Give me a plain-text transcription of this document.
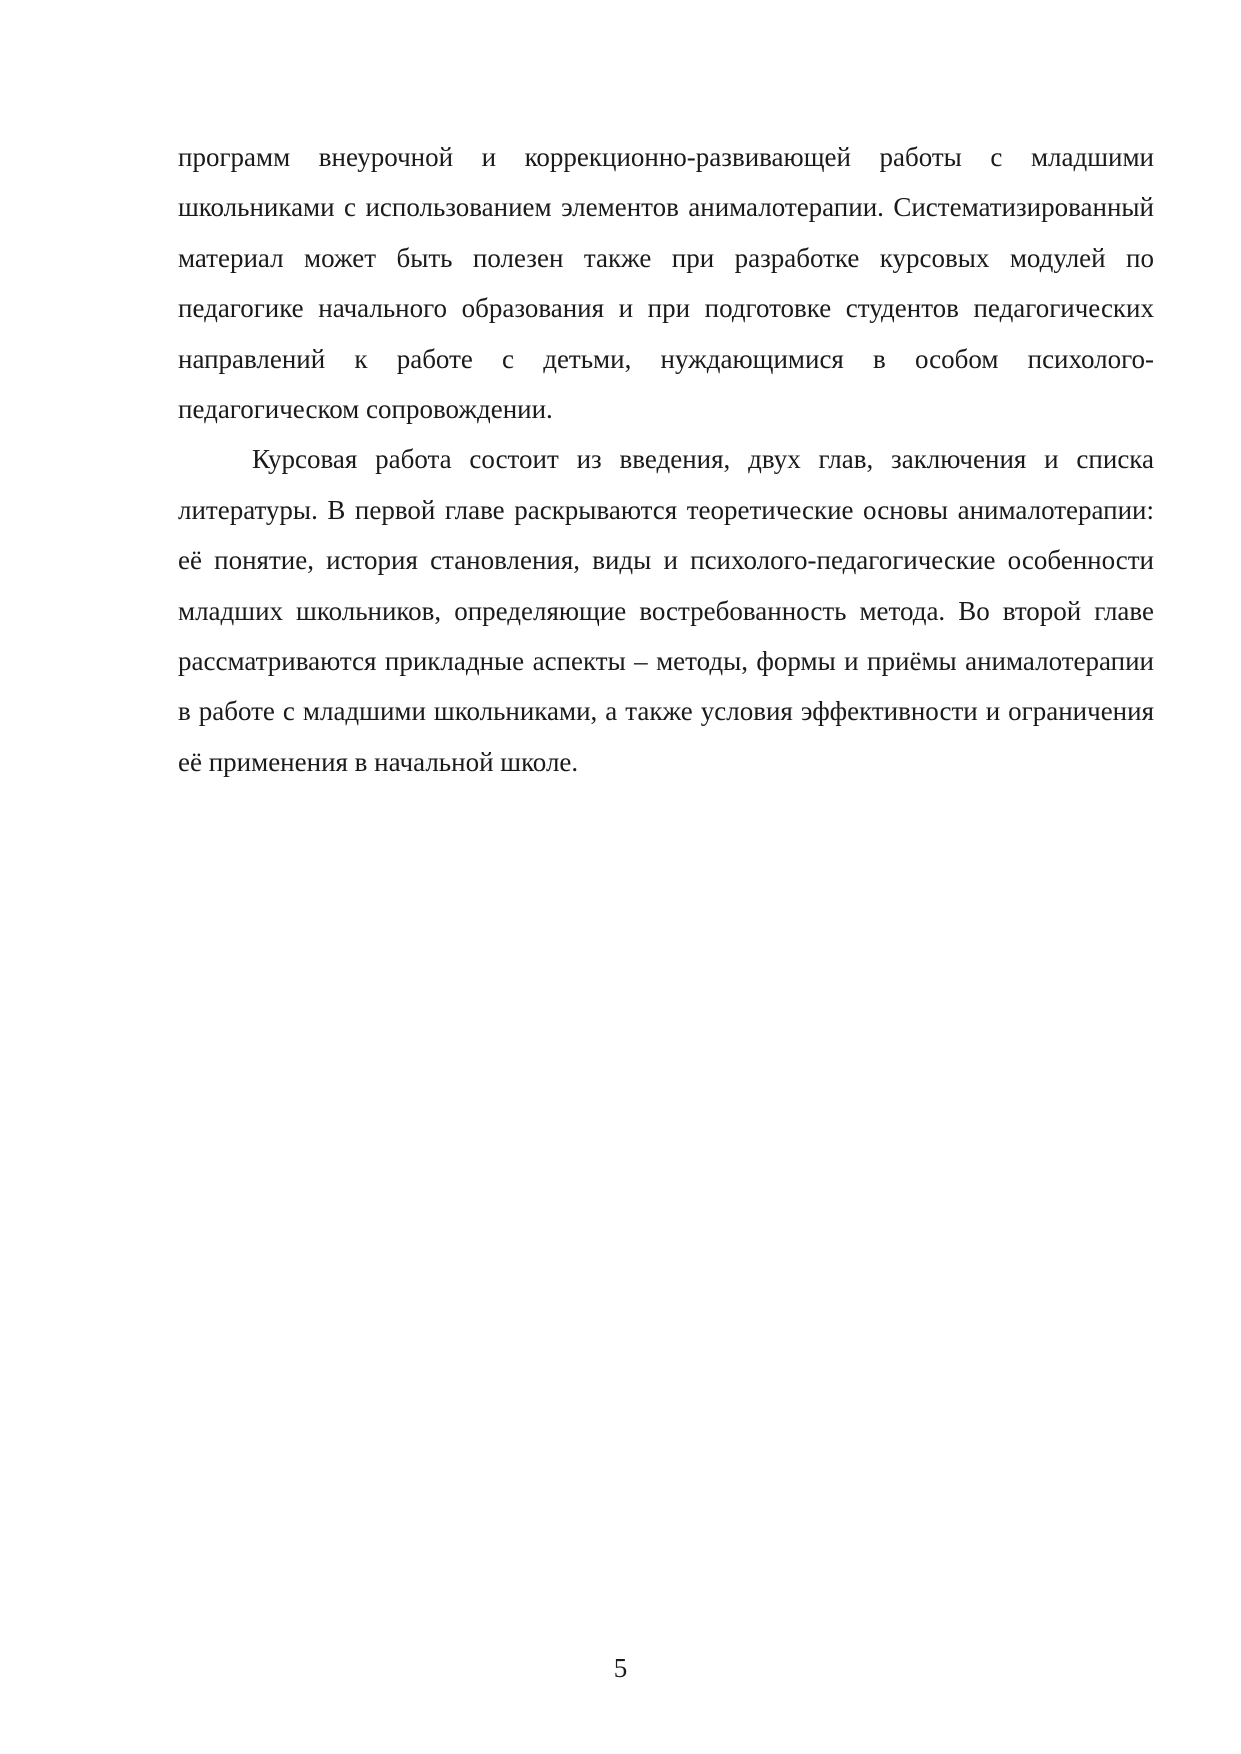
программ внеурочной и коррекционно-развивающей работы с младшими школьниками с использованием элементов анималотерапии. Систематизированный материал может быть полезен также при разработке курсовых модулей по педагогике начального образования и при подготовке студентов педагогических направлений к работе с детьми, нуждающимися в особом психолого-педагогическом сопровождении.

Курсовая работа состоит из введения, двух глав, заключения и списка литературы. В первой главе раскрываются теоретические основы анималотерапии: её понятие, история становления, виды и психолого-педагогические особенности младших школьников, определяющие востребованность метода. Во второй главе рассматриваются прикладные аспекты – методы, формы и приёмы анималотерапии в работе с младшими школьниками, а также условия эффективности и ограничения её применения в начальной школе.

5
